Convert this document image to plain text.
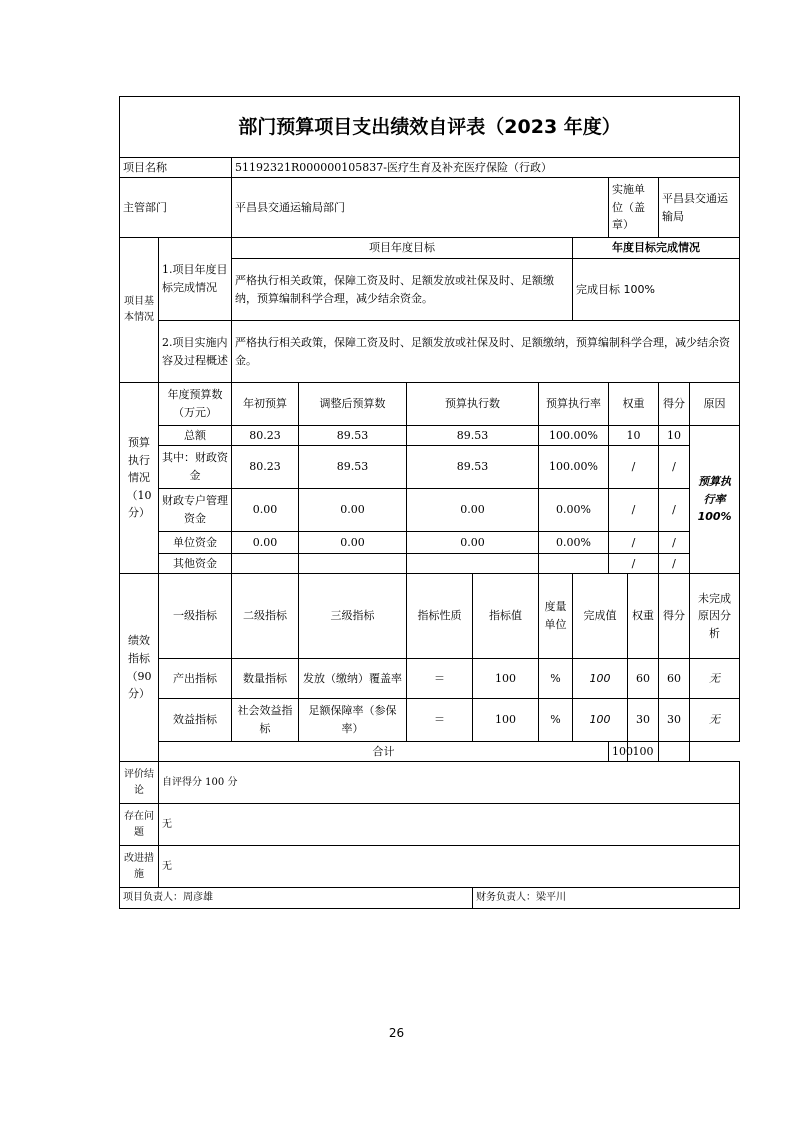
部门预算项目支出绩效自评表（2023 年度）											
项目名称		51192321R000000105837-医疗生育及补充医疗保险（行政）									
主管部门		平昌县交通运输局部门						实施单位（盖章）		平昌县交通运输局	
项目基本情况	1.项目年度目标完成情况	项目年度目标					年度目标完成情况				
		严格执行相关政策，保障工资及时、足额发放或社保及时、足额缴纳，预算编制科学合理，减少结余资金。					完成目标 100%				
	2.项目实施内容及过程概述	严格执行相关政策，保障工资及时、足额发放或社保及时、足额缴纳，预算编制科学合理，减少结余资金。									
预算执行情况（10 分）	年度预算数（万元）	年初预算	调整后预算数	预算执行数		预算执行率		权重		得分	原因
	总额	80.23	89.53	89.53		100.00%		10		10	预算执行率 100%
	其中：财政资金	80.23	89.53	89.53		100.00%		/		/	
	财政专户管理资金	0.00	0.00	0.00		0.00%		/		/	
	单位资金	0.00	0.00	0.00		0.00%		/		/	
	其他资金							/		/	
绩效指标（90 分）	一级指标	二级指标	三级指标	指标性质	指标值	度量单位	完成值		权重	得分	未完成原因分析
	产出指标	数量指标	发放（缴纳）覆盖率	＝	100	%	100		60	60	无
	效益指标	社会效益指标	足额保障率（参保率）	＝	100	%	100		30	30	无
	合计							100	100		
评价结论	自评得分 100 分										
存在问题	无										
改进措施	无										
项目负责人：周彦雄					财务负责人：梁平川						
26
